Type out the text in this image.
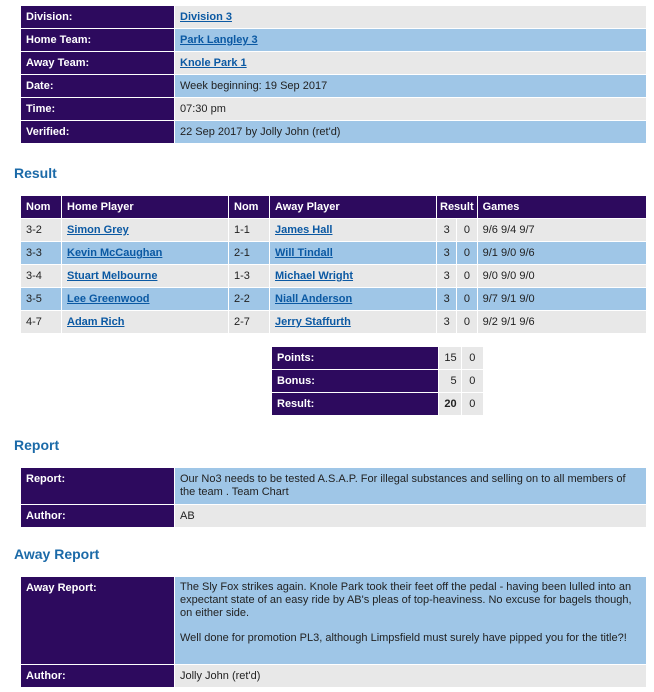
Division:	Division 3
Home Team:	Park Langley 3
Away Team:	Knole Park 1
Date:	Week beginning: 19 Sep 2017
Time:	07:30 pm
Verified:	22 Sep 2017 by Jolly John (ret'd)
Result
Nom	Home Player	Nom	Away Player	Result		Games
3-2	Simon Grey	1-1	James Hall	3	0	9/6 9/4 9/7
3-3	Kevin McCaughan	2-1	Will Tindall	3	0	9/1 9/0 9/6
3-4	Stuart Melbourne	1-3	Michael Wright	3	0	9/0 9/0 9/0
3-5	Lee Greenwood	2-2	Niall Anderson	3	0	9/7 9/1 9/0
4-7	Adam Rich	2-7	Jerry Staffurth	3	0	9/2 9/1 9/6
Points:	15	0
Bonus:	5	0
Result:	20	0
Report
Report:	Our No3 needs to be tested A.S.A.P. For illegal substances and selling on to all members of the team . Team Chart
Author:	AB
Away Report
Away Report:	The Sly Fox strikes again. Knole Park took their feet off the pedal - having been lulled into an expectant state of an easy ride by AB's pleas of top-heaviness. No excuse for bagels though, on either side.

Well done for promotion PL3, although Limpsfield must surely have pipped you for the title?!

Author:	Jolly John (ret'd)
